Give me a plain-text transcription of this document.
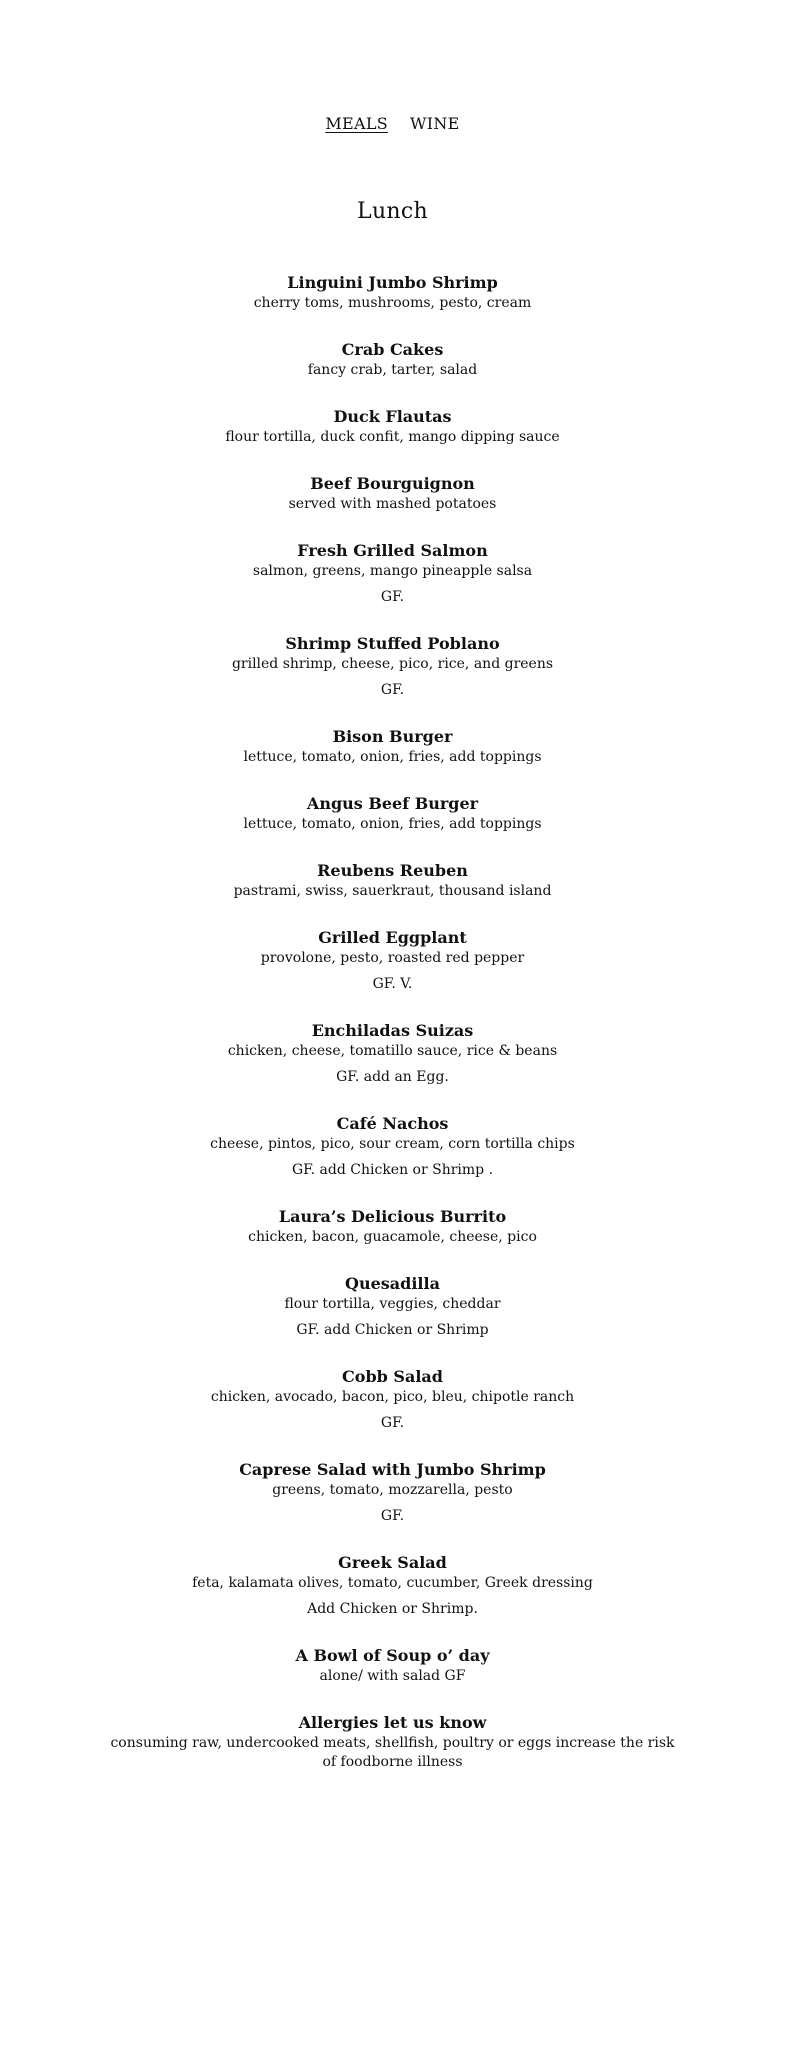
MEALS WINE
Lunch
Linguini Jumbo Shrimp
cherry toms, mushrooms, pesto, cream
Crab Cakes
fancy crab, tarter, salad
Duck Flautas
flour tortilla, duck confit, mango dipping sauce
Beef Bourguignon
served with mashed potatoes
Fresh Grilled Salmon
salmon, greens, mango pineapple salsa
GF.
Shrimp Stuffed Poblano
grilled shrimp, cheese, pico, rice, and greens
GF.
Bison Burger
lettuce, tomato, onion, fries, add toppings
Angus Beef Burger
lettuce, tomato, onion, fries, add toppings
Reubens Reuben
pastrami, swiss, sauerkraut, thousand island
Grilled Eggplant
provolone, pesto, roasted red pepper
GF. V.
Enchiladas Suizas
chicken, cheese, tomatillo sauce, rice & beans
GF. add an Egg.
Café Nachos
cheese, pintos, pico, sour cream, corn tortilla chips
GF. add Chicken or Shrimp .
Laura’s Delicious Burrito
chicken, bacon, guacamole, cheese, pico
Quesadilla
flour tortilla, veggies, cheddar
GF. add Chicken or Shrimp
Cobb Salad
chicken, avocado, bacon, pico, bleu, chipotle ranch
GF.
Caprese Salad with Jumbo Shrimp
greens, tomato, mozzarella, pesto
GF.
Greek Salad
feta, kalamata olives, tomato, cucumber, Greek dressing
Add Chicken or Shrimp.
A Bowl of Soup o’ day
alone/ with salad GF
Allergies let us know
consuming raw, undercooked meats, shellfish, poultry or eggs increase the risk of foodborne illness
